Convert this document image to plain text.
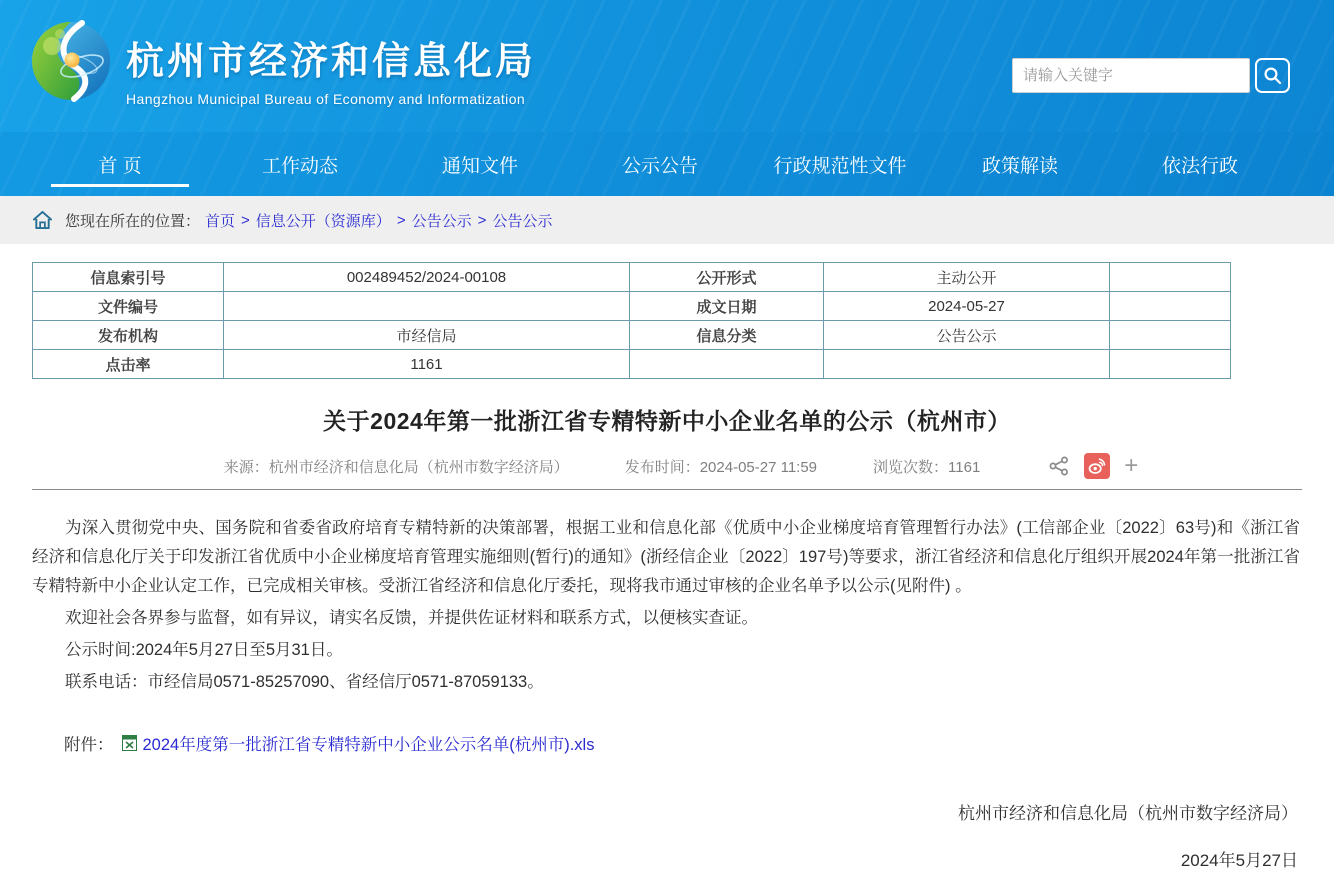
杭州市经济和信息化局
Hangzhou Municipal Bureau of Economy and Informatization
请输入关键字
首 页	工作动态	通知文件	公示公告	行政规范性文件	政策解读	依法行政
您现在所在的位置： 首页 > 信息公开（资源库） > 公告公示 > 公告公示
信息索引号	002489452/2024-00108	公开形式	主动公开	
文件编号		成文日期	2024-05-27	
发布机构	市经信局	信息分类	公告公示	
点击率	1161			
关于2024年第一批浙江省专精特新中小企业名单的公示（杭州市）
来源：杭州市经济和信息化局（杭州市数字经济局）	发布时间：2024-05-27 11:59	浏览次数：1161	+

为深入贯彻党中央、国务院和省委省政府培育专精特新的决策部署，根据工业和信息化部《优质中小企业梯度培育管理暂行办法》(工信部企业〔2022〕63号)和《浙江省经济和信息化厅关于印发浙江省优质中小企业梯度培育管理实施细则(暂行)的通知》(浙经信企业〔2022〕197号)等要求，浙江省经济和信息化厅组织开展2024年第一批浙江省专精特新中小企业认定工作，已完成相关审核。受浙江省经济和信息化厅委托，现将我市通过审核的企业名单予以公示(见附件) 。

欢迎社会各界参与监督，如有异议，请实名反馈，并提供佐证材料和联系方式，以便核实查证。

公示时间:2024年5月27日至5月31日。

联系电话：市经信局0571-85257090、省经信厅0571-87059133。

附件： 2024年度第一批浙江省专精特新中小企业公示名单(杭州市).xls
杭州市经济和信息化局（杭州市数字经济局）
2024年5月27日
